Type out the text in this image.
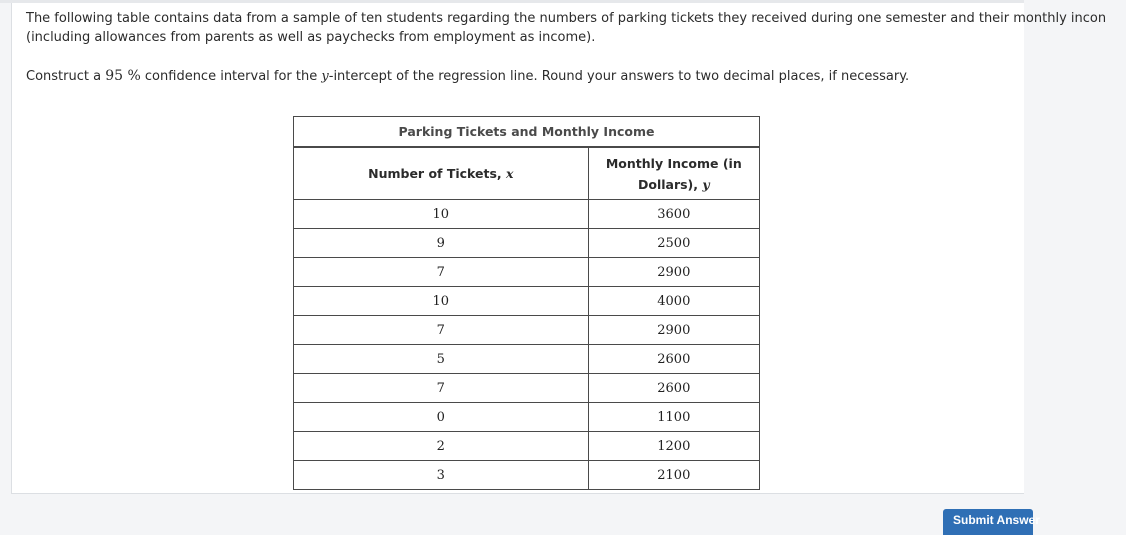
The following table contains data from a sample of ten students regarding the numbers of parking tickets they received during one semester and their monthly incon
(including allowances from parents as well as paychecks from employment as income).
Construct a 95 % confidence interval for the y-intercept of the regression line. Round your answers to two decimal places, if necessary.
Parking Tickets and Monthly Income	
Number of Tickets, x	Monthly Income (in
Dollars), y
10	3600
9	2500
7	2900
10	4000
7	2900
5	2600
7	2600
0	1100
2	1200
3	2100
Submit Answer
